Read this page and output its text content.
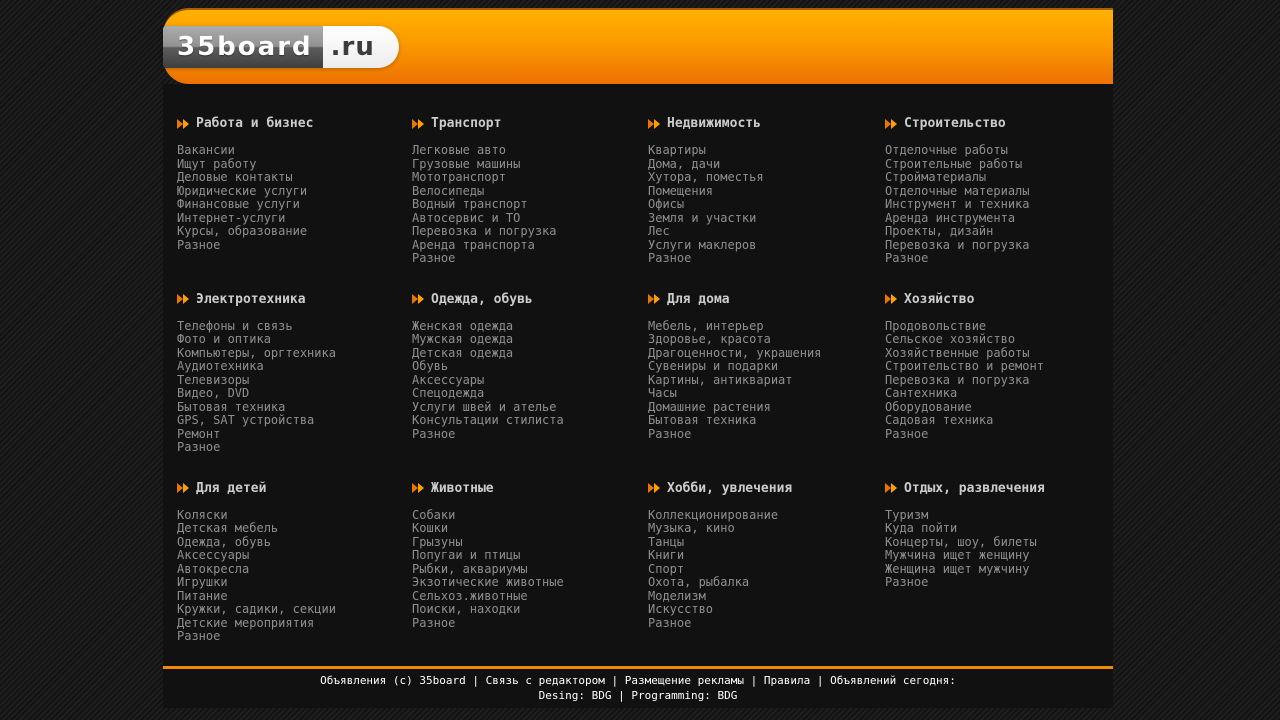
35board .ru
Работа и бизнес
Вакансии
Ищут работу
Деловые контакты
Юридические услуги
Финансовые услуги
Интернет-услуги
Курсы, образование
Разное
Транспорт
Легковые авто
Грузовые машины
Мототранспорт
Велосипеды
Водный транспорт
Автосервис и ТО
Перевозка и погрузка
Аренда транспорта
Разное
Недвижимость
Квартиры
Дома, дачи
Хутора, поместья
Помещения
Офисы
Земля и участки
Лес
Услуги маклеров
Разное
Строительство
Отделочные работы
Строительные работы
Стройматериалы
Отделочные материалы
Инструмент и техника
Аренда инструмента
Проекты, дизайн
Перевозка и погрузка
Разное
Электротехника
Телефоны и связь
Фото и оптика
Компьютеры, оргтехника
Аудиотехника
Телевизоры
Видео, DVD
Бытовая техника
GPS, SAT устройства
Ремонт
Разное
Одежда, обувь
Женская одежда
Мужская одежда
Детская одежда
Обувь
Аксессуары
Спецодежда
Услуги швей и ателье
Консультации стилиста
Разное
Для дома
Мебель, интерьер
Здоровье, красота
Драгоценности, украшения
Сувениры и подарки
Картины, антиквариат
Часы
Домашние растения
Бытовая техника
Разное
Хозяйство
Продовольствие
Сельское хозяйство
Хозяйственные работы
Строительство и ремонт
Перевозка и погрузка
Сантехника
Оборудование
Садовая техника
Разное
Для детей
Коляски
Детская мебель
Одежда, обувь
Аксессуары
Автокресла
Игрушки
Питание
Кружки, садики, секции
Детские мероприятия
Разное
Животные
Собаки
Кошки
Грызуны
Попугаи и птицы
Рыбки, аквариумы
Экзотические животные
Сельхоз.животные
Поиски, находки
Разное
Хобби, увлечения
Коллекционирование
Музыка, кино
Танцы
Книги
Спорт
Охота, рыбалка
Моделизм
Искусство
Разное
Отдых, развлечения
Туризм
Куда пойти
Концерты, шоу, билеты
Мужчина ищет женщину
Женщина ищет мужчину
Разное
Объявления (c) 35board | Связь с редактором | Размещение рекламы | Правила | Объявлений сегодня:
Desing: BDG | Programming: BDG
